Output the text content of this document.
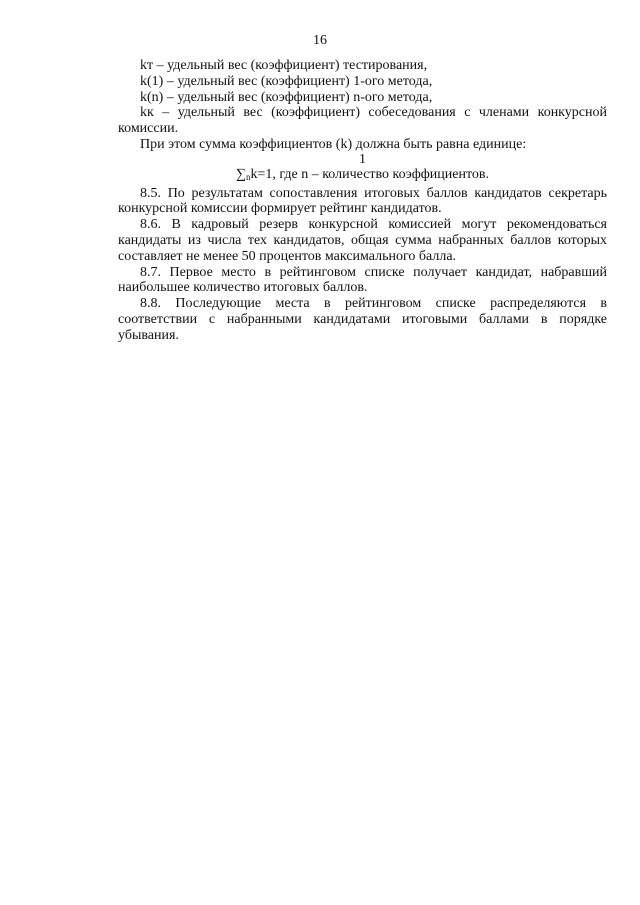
16

kт – удельный вес (коэффициент) тестирования,

k(1) – удельный вес (коэффициент) 1-ого метода,

k(n) – удельный вес (коэффициент) n-ого метода,

kк – удельный вес (коэффициент) собеседования с членами конкурсной комиссии.

При этом сумма коэффициентов (k) должна быть равна единице:

1

$\sum_nk=1$, где n – количество коэффициентов.

8.5. По результатам сопоставления итоговых баллов кандидатов секретарь конкурсной комиссии формирует рейтинг кандидатов.

8.6. В кадровый резерв конкурсной комиссией могут рекомендоваться кандидаты из числа тех кандидатов, общая сумма набранных баллов которых составляет не менее 50 процентов максимального балла.

8.7. Первое место в рейтинговом списке получает кандидат, набравший наибольшее количество итоговых баллов.

8.8. Последующие места в рейтинговом списке распределяются в соответствии с набранными кандидатами итоговыми баллами в порядке убывания.
